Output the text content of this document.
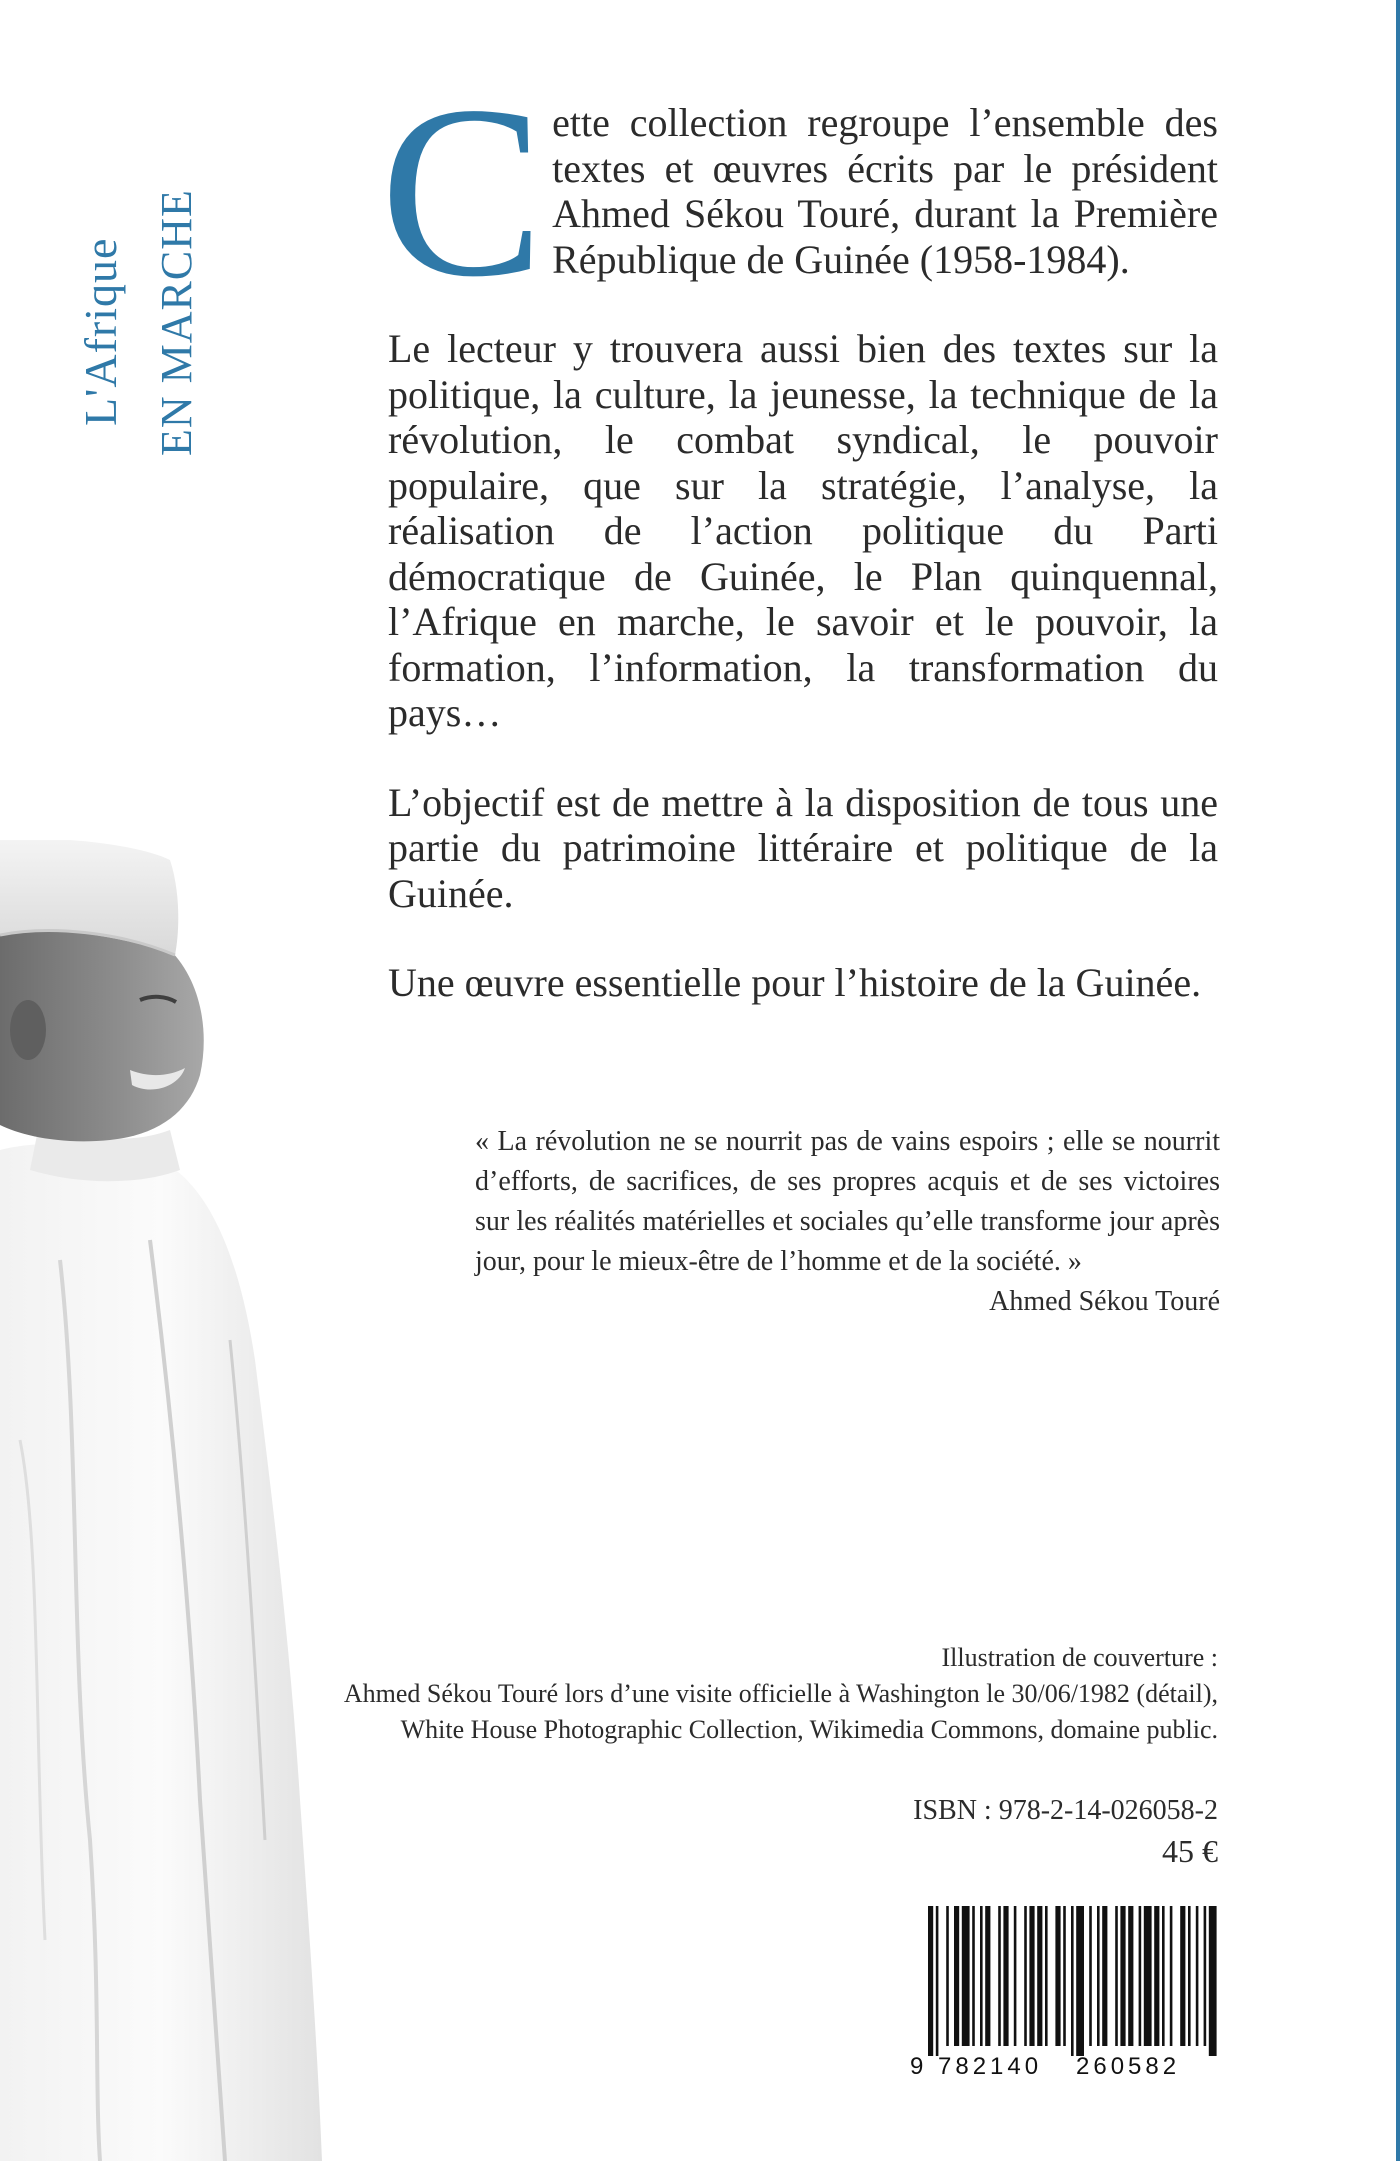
L'Afrique EN MARCHE Cette collection regroupe l’ensemble des textes et œuvres écrits par le président Ahmed Sékou Touré, durant la Première République de Guinée (1958-1984).

Le lecteur y trouvera aussi bien des textes sur la politique, la culture, la jeunesse, la technique de la révolution, le combat syndical, le pouvoir populaire, que sur la stratégie, l’analyse, la réalisation de l’action politique du Parti démocratique de Guinée, le Plan quinquennal, l’Afrique en marche, le savoir et le pouvoir, la formation, l’information, la transformation du pays…

L’objectif est de mettre à la disposition de tous une partie du patrimoine littéraire et politique de la Guinée.

Une œuvre essentielle pour l’histoire de la Guinée.

« La révolution ne se nourrit pas de vains espoirs ; elle se nourrit d’efforts, de sacrifices, de ses propres acquis et de ses victoires sur les réalités matérielles et sociales qu’elle transforme jour après jour, pour le mieux-être de l’homme et de la société. »
Ahmed Sékou Touré
Illustration de couverture :
Ahmed Sékou Touré lors d’une visite officielle à Washington le 30/06/1982 (détail),
White House Photographic Collection, Wikimedia Commons, domaine public.
ISBN : 978-2-14-026058-2
45 €
9 782140 260582
